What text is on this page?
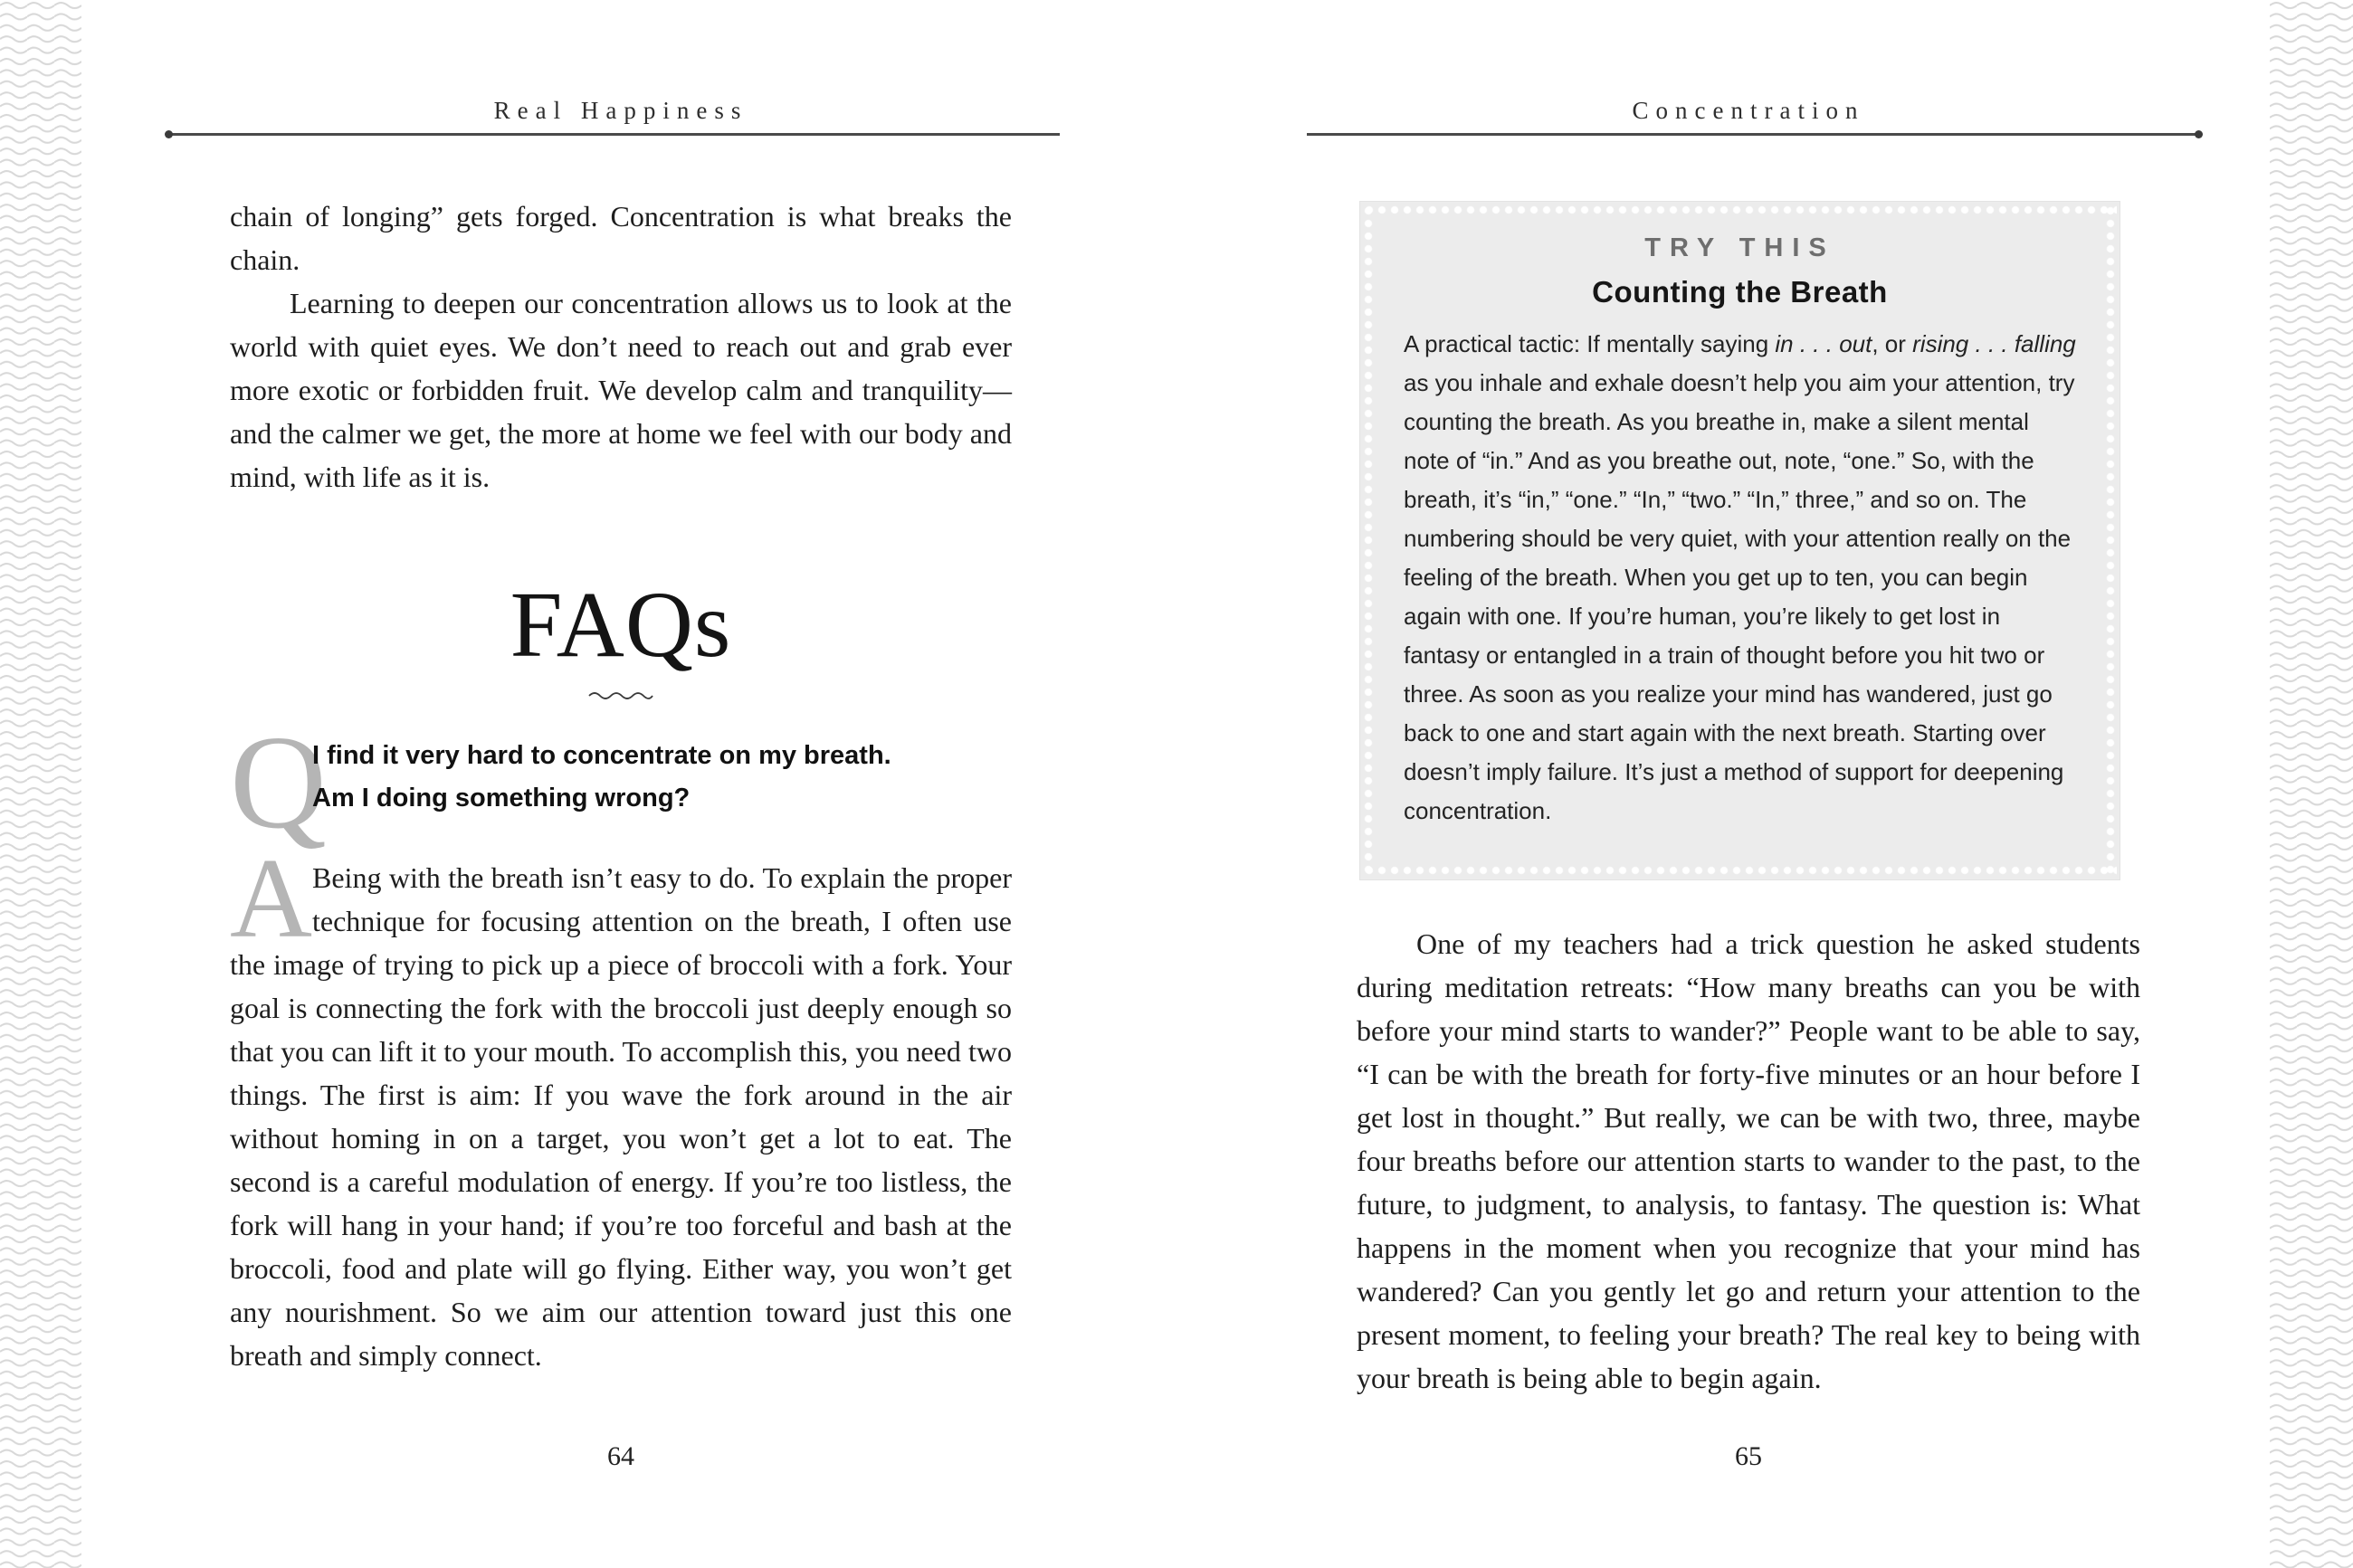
Real Happiness

chain of longing” gets forged. Concentration is what breaks the chain.

Learning to deepen our concentration allows us to look at the world with quiet eyes. We don’t need to reach out and grab ever more exotic or forbidden fruit. We develop calm and tranquility—and the calmer we get, the more at home we feel with our body and mind, with life as it is.

FAQs
Q
I find it very hard to concentrate on my breath.
Am I doing something wrong?
A Being with the breath isn’t easy to do. To explain the proper technique for focusing attention on the breath, I often use the image of trying to pick up a piece of broccoli with a fork. Your goal is connecting the fork with the broccoli just deeply enough so that you can lift it to your mouth. To accomplish this, you need two things. The first is aim: If you wave the fork around in the air without homing in on a target, you won’t get a lot to eat. The second is a careful modulation of energy. If you’re too listless, the fork will hang in your hand; if you’re too forceful and bash at the broccoli, food and plate will go flying. Either way, you won’t get any nourishment. So we aim our attention toward just this one breath and simply connect.

64
Concentration
TRY THIS
Counting the Breath

A practical tactic: If mentally saying in . . . out, or rising . . . falling as you inhale and exhale doesn’t help you aim your attention, try counting the breath. As you breathe in, make a silent mental note of “in.” And as you breathe out, note, “one.” So, with the breath, it’s “in,” “one.” “In,” “two.” “In,” three,” and so on. The numbering should be very quiet, with your attention really on the feeling of the breath. When you get up to ten, you can begin again with one. If you’re human, you’re likely to get lost in fantasy or entangled in a train of thought before you hit two or three. As soon as you realize your mind has wandered, just go back to one and start again with the next breath. Starting over doesn’t imply failure. It’s just a method of support for deepening concentration.

One of my teachers had a trick question he asked students during meditation retreats: “How many breaths can you be with before your mind starts to wander?” People want to be able to say, “I can be with the breath for forty-five minutes or an hour before I get lost in thought.” But really, we can be with two, three, maybe four breaths before our attention starts to wander to the past, to the future, to judgment, to analysis, to fantasy. The question is: What happens in the moment when you recognize that your mind has wandered? Can you gently let go and return your attention to the present moment, to feeling your breath? The real key to being with your breath is being able to begin again.

65
